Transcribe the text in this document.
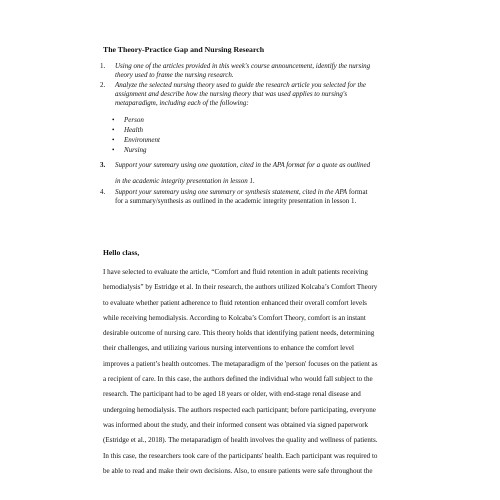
The Theory-Practice Gap and Nursing Research
1. Using one of the articles provided in this week's course announcement, identify the nursing
theory used to frame the nursing research.
2. Analyze the selected nursing theory used to guide the research article you selected for the
assignment and describe how the nursing theory that was used applies to nursing's
metaparadigm, including each of the following:
• Person
• Health
• Environment
• Nursing
3. Support your summary using one quotation, cited in the APA format for a quote as outlined
in the academic integrity presentation in lesson 1.
4. Support your summary using one summary or synthesis statement, cited in the APA format
for a summary/synthesis as outlined in the academic integrity presentation in lesson 1.
Hello class,
I have selected to evaluate the article, “Comfort and fluid retention in adult patients receiving
hemodialysis” by Estridge et al. In their research, the authors utilized Kolcaba’s Comfort Theory
to evaluate whether patient adherence to fluid retention enhanced their overall comfort levels
while receiving hemodialysis. According to Kolcaba’s Comfort Theory, comfort is an instant
desirable outcome of nursing care. This theory holds that identifying patient needs, determining
their challenges, and utilizing various nursing interventions to enhance the comfort level
improves a patient’s health outcomes. The metaparadigm of the 'person' focuses on the patient as
a recipient of care. In this case, the authors defined the individual who would fall subject to the
research. The participant had to be aged 18 years or older, with end-stage renal disease and
undergoing hemodialysis. The authors respected each participant; before participating, everyone
was informed about the study, and their informed consent was obtained via signed paperwork
(Estridge et al., 2018). The metaparadigm of health involves the quality and wellness of patients.
In this case, the researchers took care of the participants' health. Each participant was required to
be able to read and make their own decisions. Also, to ensure patients were safe throughout the
